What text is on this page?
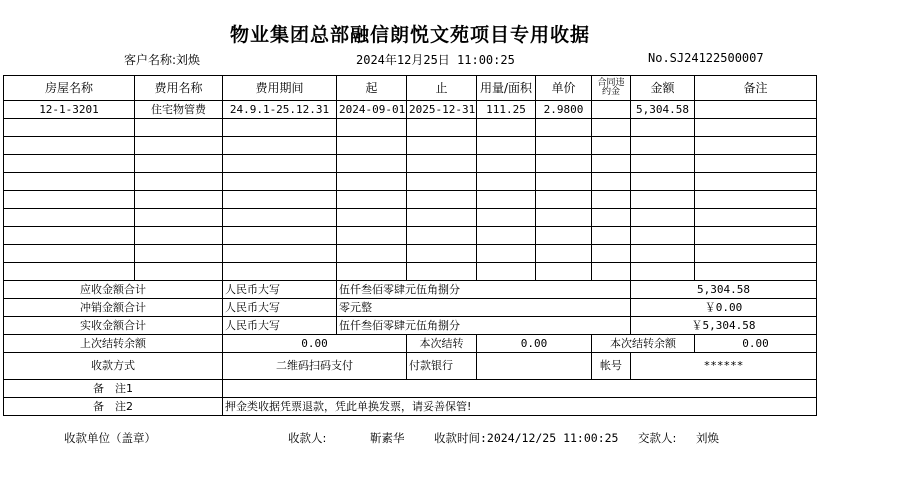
物业集团总部融信朗悦文苑项目专用收据
客户名称:刘焕	2024年12月25日 11:00:25	No.SJ24122500007
房屋名称	费用名称	费用期间	起	止	用量/面积	单价	合同违约金	金额	备注
12-1-3201	住宅物管费	24.9.1-25.12.31	2024-09-01	2025-12-31	111.25	2.9800		5,304.58	

应收金额合计		人民币大写	伍仟叁佰零肆元伍角捌分					5,304.58	
冲销金额合计		人民币大写	零元整					￥0.00	
实收金额合计		人民币大写	伍仟叁佰零肆元伍角捌分					￥5,304.58	
上次结转余额		0.00		本次结转	0.00		本次结转余额		0.00
收款方式		二维码扫码支付		付款银行			帐号	******	
备　注1									
备　注2		押金类收据凭票退款，凭此单换发票，请妥善保管!							
收款单位（盖章）	收款人:	靳素华	收款时间:2024/12/25 11:00:25 交款人: 刘焕
